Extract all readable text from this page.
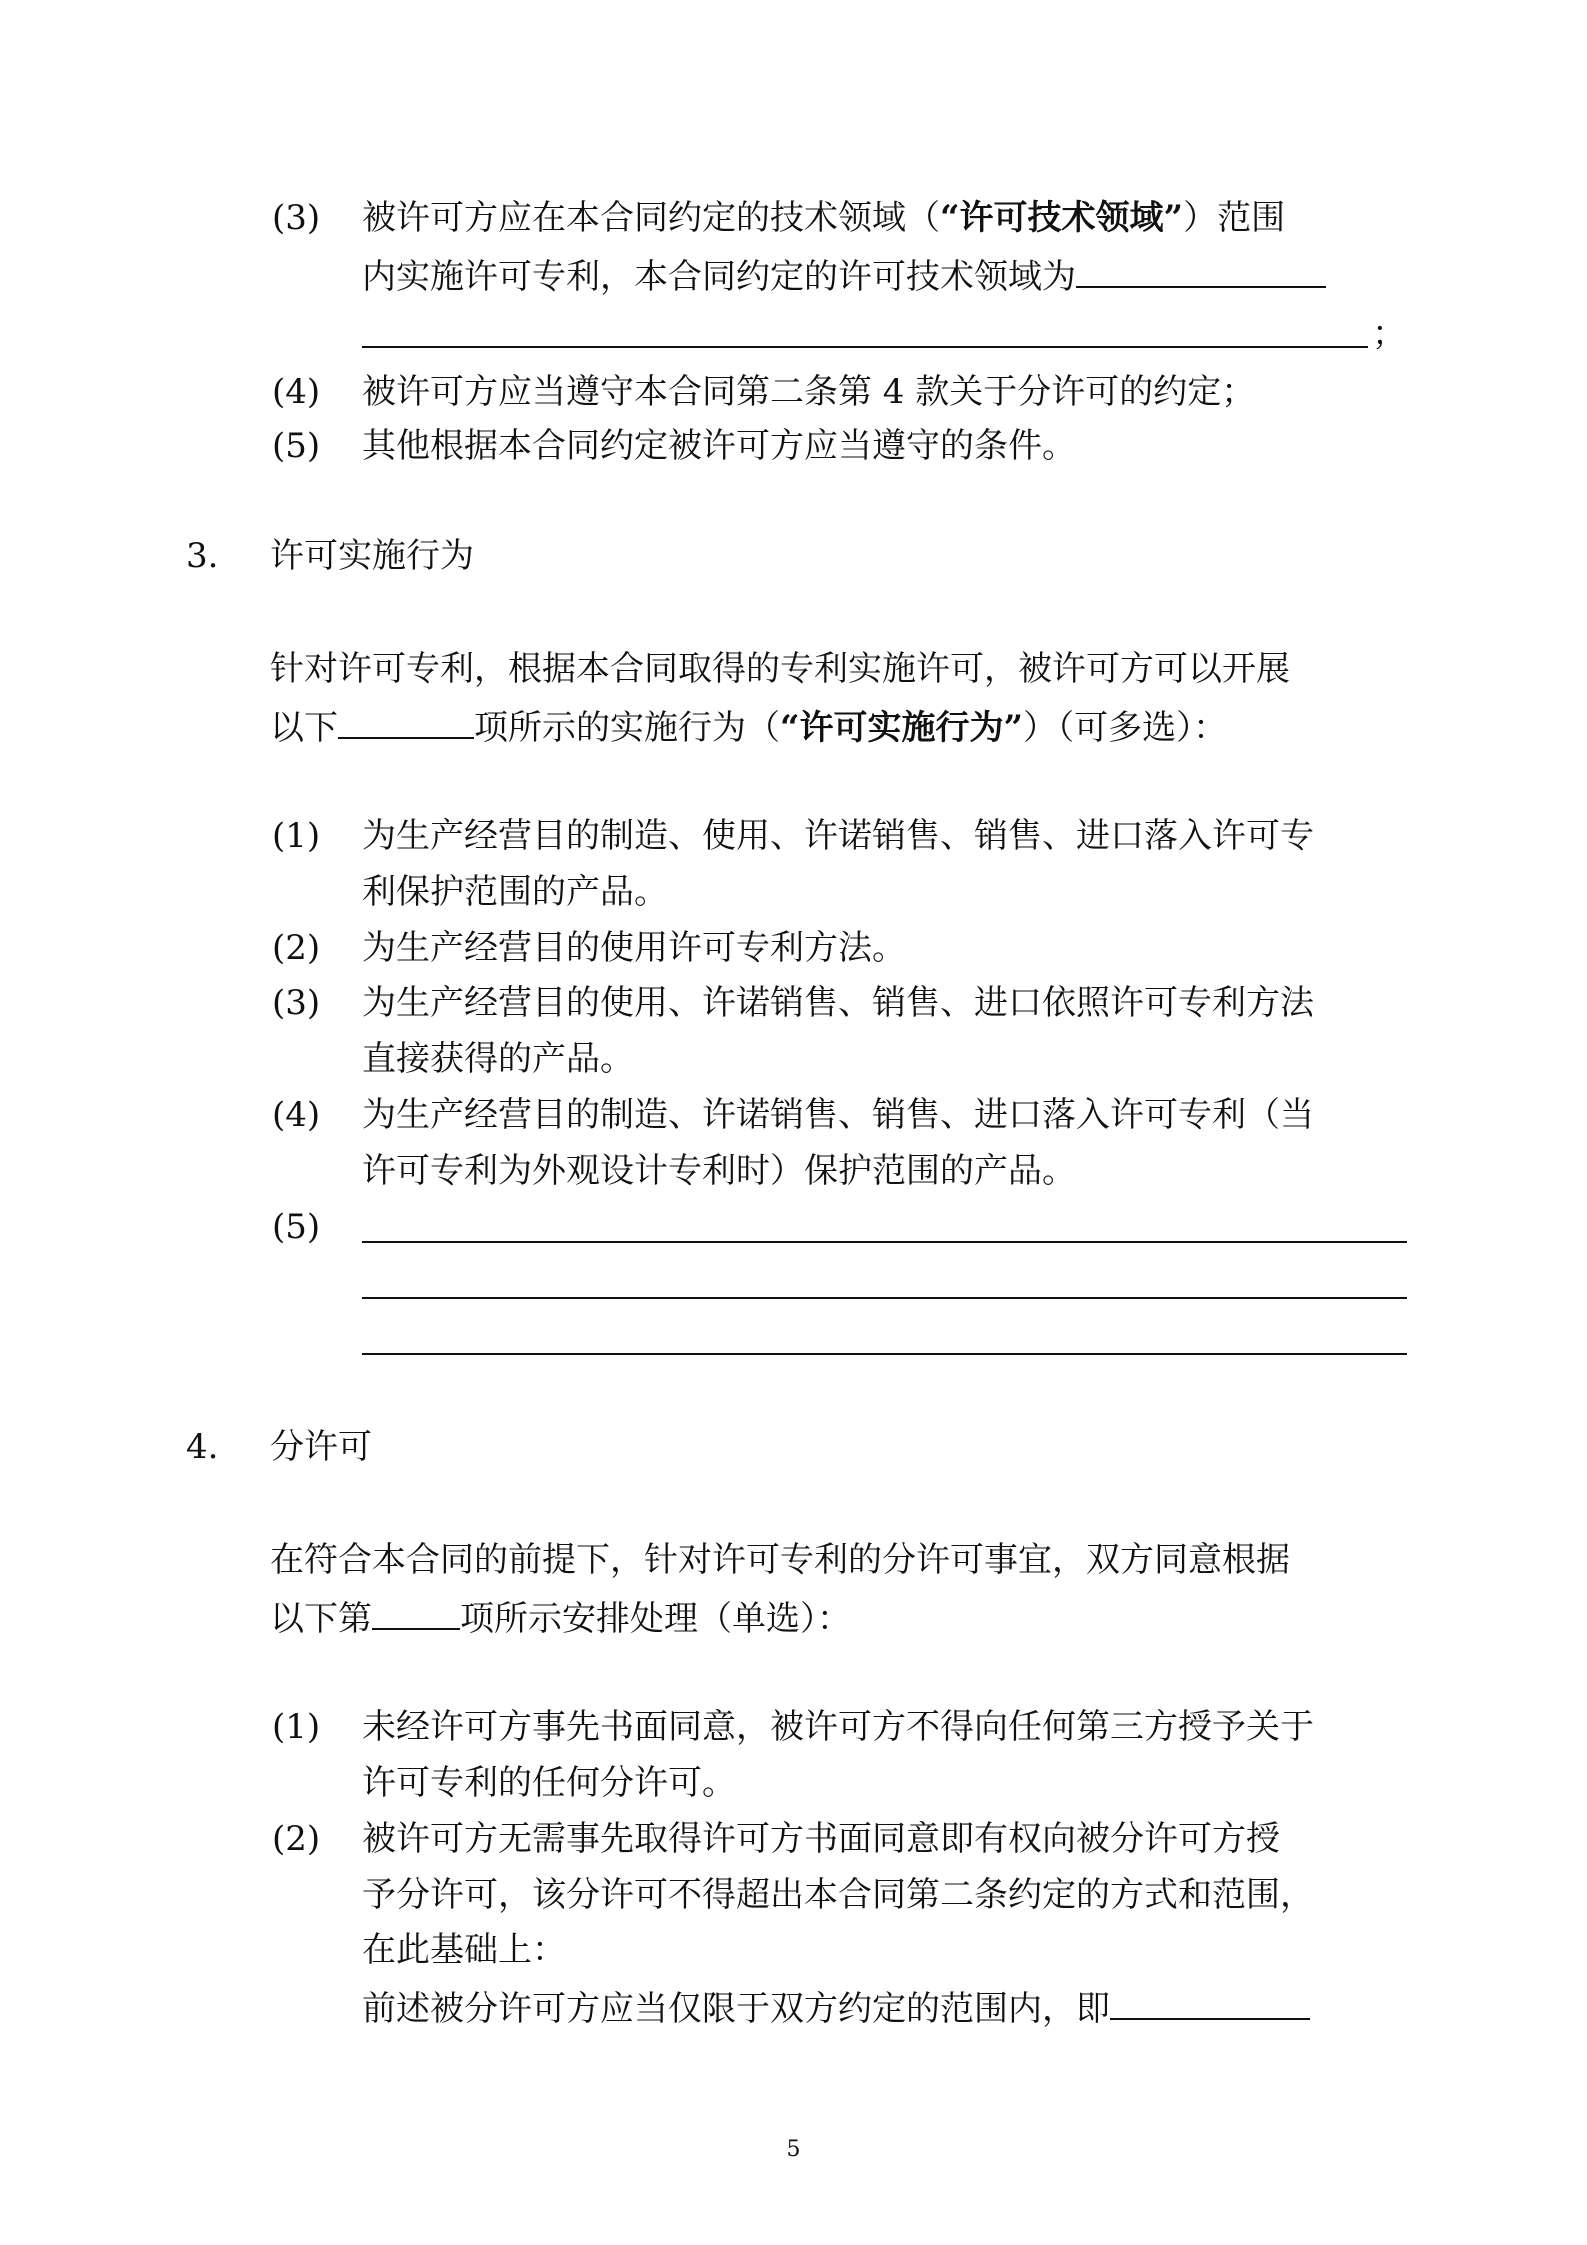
(3) 被许可方应在本合同约定的技术领域（“许可技术领域”）范围
内实施许可专利，本合同约定的许可技术领域为
；
(4) 被许可方应当遵守本合同第二条第 4 款关于分许可的约定；
(5) 其他根据本合同约定被许可方应当遵守的条件。
3. 许可实施行为
针对许可专利，根据本合同取得的专利实施许可，被许可方可以开展
以下	项所示的实施行为（“许可实施行为”）（可多选）：
(1) 为生产经营目的制造、使用、许诺销售、销售、进口落入许可专
利保护范围的产品。
(2) 为生产经营目的使用许可专利方法。
(3) 为生产经营目的使用、许诺销售、销售、进口依照许可专利方法
直接获得的产品。
(4) 为生产经营目的制造、许诺销售、销售、进口落入许可专利（当
许可专利为外观设计专利时）保护范围的产品。
(5)
4. 分许可
在符合本合同的前提下，针对许可专利的分许可事宜，双方同意根据
以下第	项所示安排处理（单选）：
(1) 未经许可方事先书面同意，被许可方不得向任何第三方授予关于
许可专利的任何分许可。
(2) 被许可方无需事先取得许可方书面同意即有权向被分许可方授
予分许可，该分许可不得超出本合同第二条约定的方式和范围，
在此基础上：
前述被分许可方应当仅限于双方约定的范围内，即
5
